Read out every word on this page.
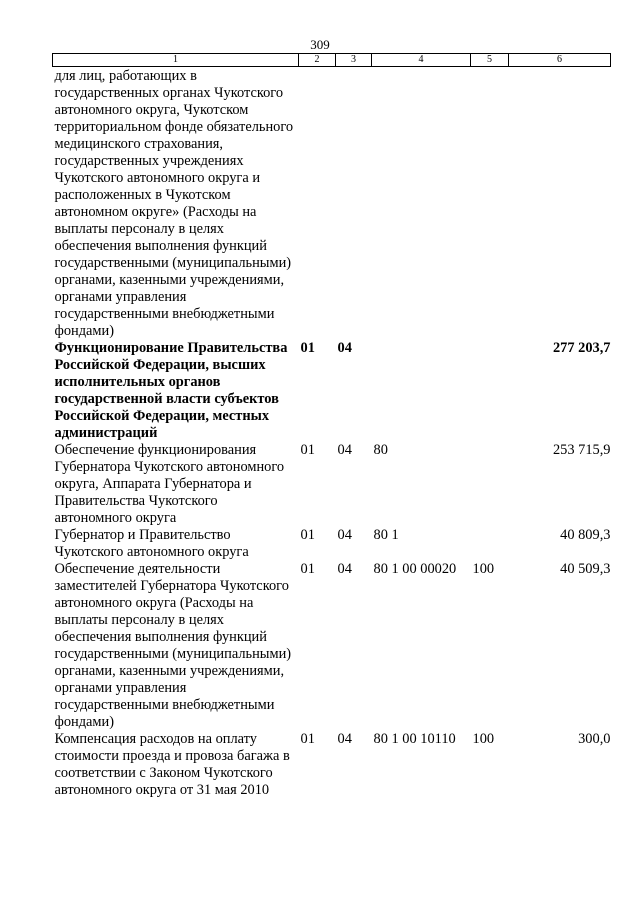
309
1	2	3	4	5	6
для лиц, работающих в государственных органах Чукотского автономного округа, Чукотском территориальном фонде обязательного медицинского страхования, государственных учреждениях Чукотского автономного округа и расположенных в Чукотском автономном округе» (Расходы на выплаты персоналу в целях обеспечения выполнения функций государственными (муниципальными) органами, казенными учреждениями, органами управления государственными внебюджетными фондами)					
Функционирование Правительства Российской Федерации, высших исполнительных органов государственной власти субъектов Российской Федерации, местных администраций	01	04			277 203,7
Обеспечение функционирования Губернатора Чукотского автономного округа, Аппарата Губернатора и Правительства Чукотского автономного округа	01	04	80		253 715,9
Губернатор и Правительство Чукотского автономного округа	01	04	80 1		40 809,3
Обеспечение деятельности заместителей Губернатора Чукотского автономного округа (Расходы на выплаты персоналу в целях обеспечения выполнения функций государственными (муниципальными) органами, казенными учреждениями, органами управления государственными внебюджетными фондами)	01	04	80 1 00 00020	100	40 509,3
Компенсация расходов на оплату стоимости проезда и провоза багажа в соответствии с Законом Чукотского автономного округа от 31 мая 2010	01	04	80 1 00 10110	100	300,0
